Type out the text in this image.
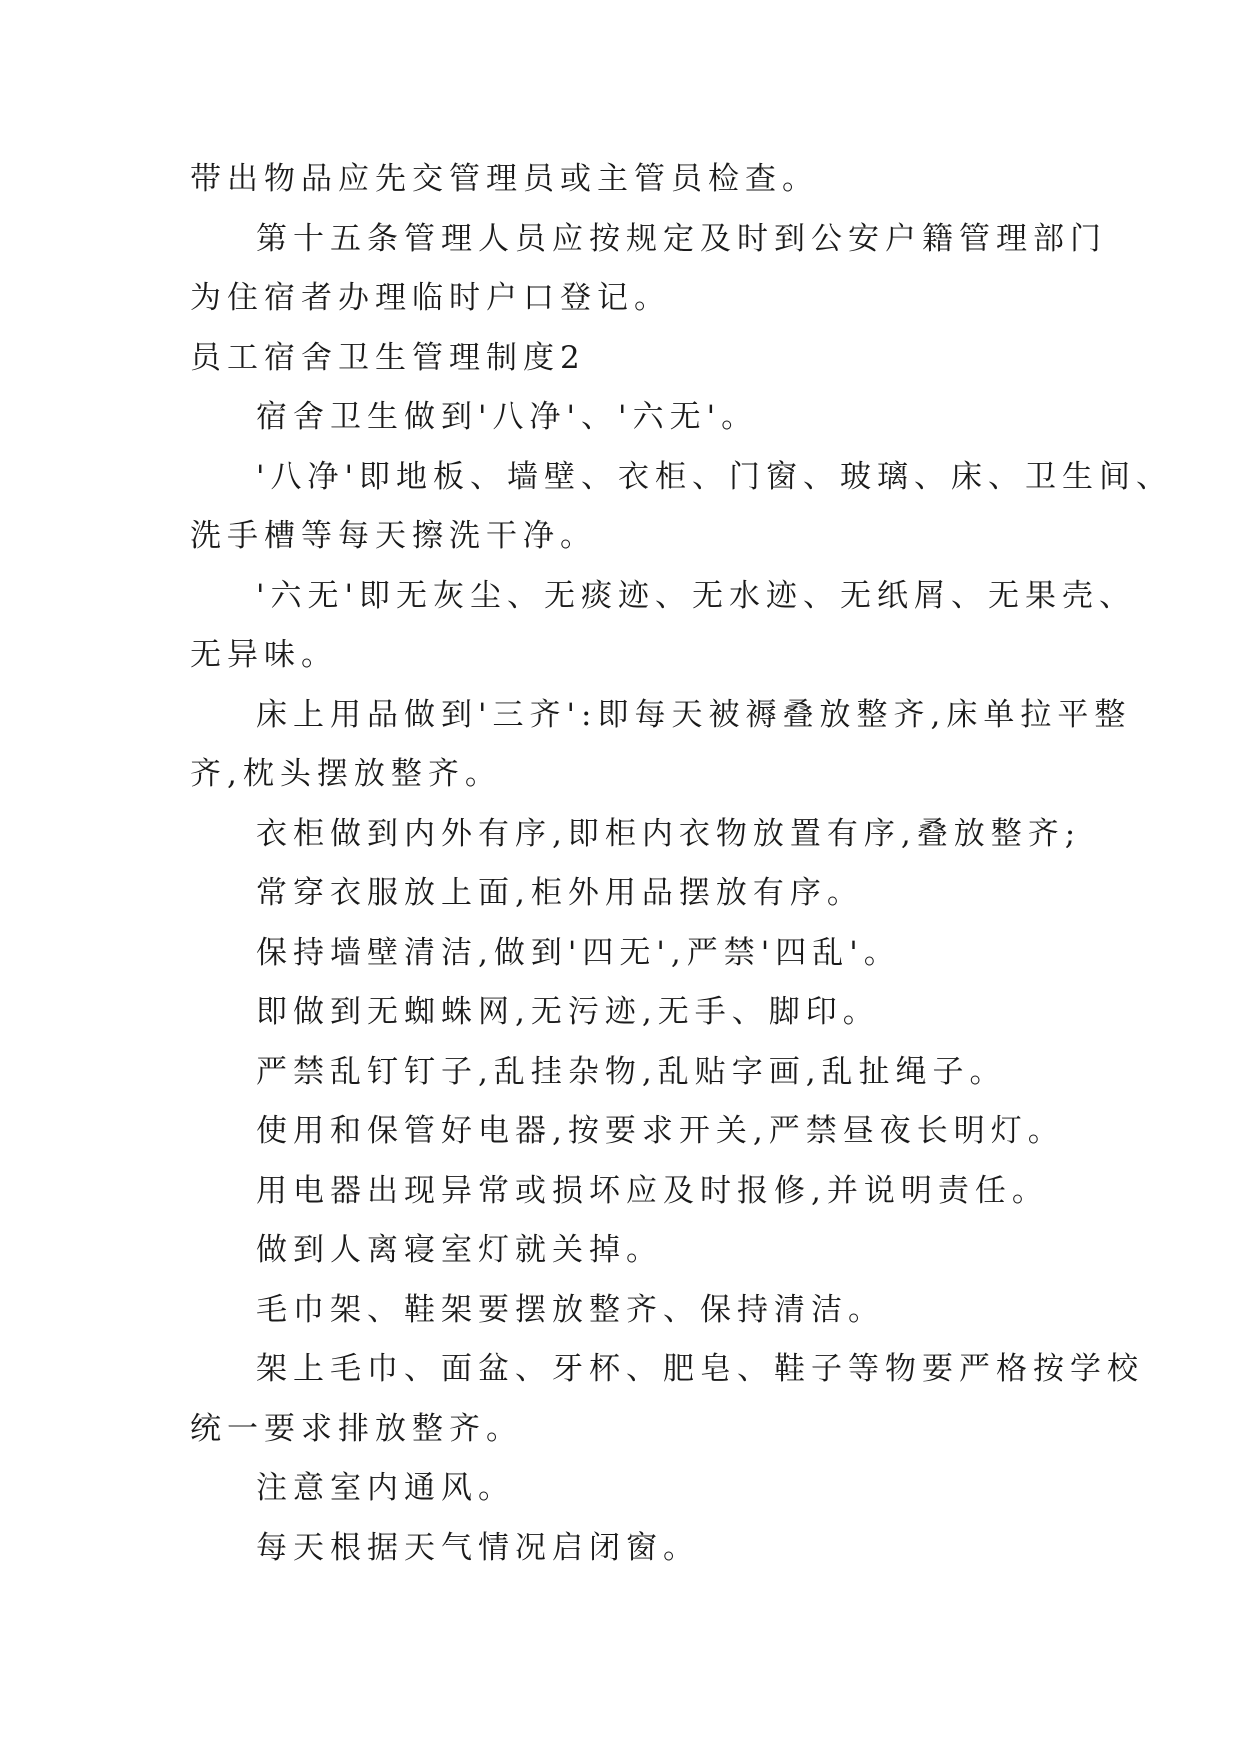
带出物品应先交管理员或主管员检查。

第十五条管理人员应按规定及时到公安户籍管理部门

为住宿者办理临时户口登记。

员工宿舍卫生管理制度2

宿舍卫生做到'八净'、'六无'。

'八净'即地板、墙壁、衣柜、门窗、玻璃、床、卫生间、

洗手槽等每天擦洗干净。

'六无'即无灰尘、无痰迹、无水迹、无纸屑、无果壳、

无异味。

床上用品做到'三齐':即每天被褥叠放整齐,床单拉平整

齐,枕头摆放整齐。

衣柜做到内外有序,即柜内衣物放置有序,叠放整齐;

常穿衣服放上面,柜外用品摆放有序。

保持墙壁清洁,做到'四无',严禁'四乱'。

即做到无蜘蛛网,无污迹,无手、脚印。

严禁乱钉钉子,乱挂杂物,乱贴字画,乱扯绳子。

使用和保管好电器,按要求开关,严禁昼夜长明灯。

用电器出现异常或损坏应及时报修,并说明责任。

做到人离寝室灯就关掉。

毛巾架、鞋架要摆放整齐、保持清洁。

架上毛巾、面盆、牙杯、肥皂、鞋子等物要严格按学校

统一要求排放整齐。

注意室内通风。

每天根据天气情况启闭窗。
